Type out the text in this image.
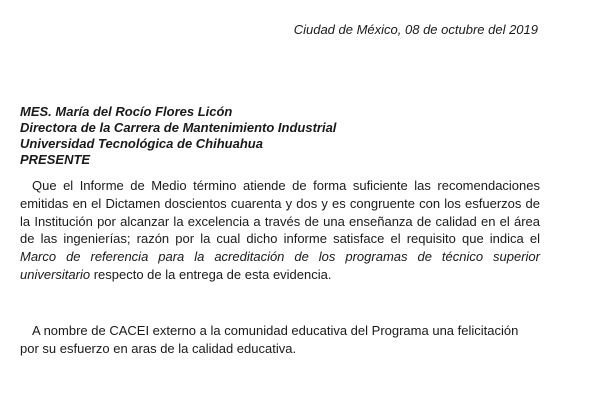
Ciudad de México, 08 de octubre del 2019
MES. María del Rocío Flores Licón
Directora de la Carrera de Mantenimiento Industrial
Universidad Tecnológica de Chihuahua
PRESENTE

Que el Informe de Medio término atiende de forma suficiente las recomendaciones emitidas en el Dictamen doscientos cuarenta y dos y es congruente con los esfuerzos de la Institución por alcanzar la excelencia a través de una enseñanza de calidad en el área de las ingenierías; razón por la cual dicho informe satisface el requisito que indica el Marco de referencia para la acreditación de los programas de técnico superior universitario respecto de la entrega de esta evidencia.

A nombre de CACEI externo a la comunidad educativa del Programa una felicitación por su esfuerzo en aras de la calidad educativa.
